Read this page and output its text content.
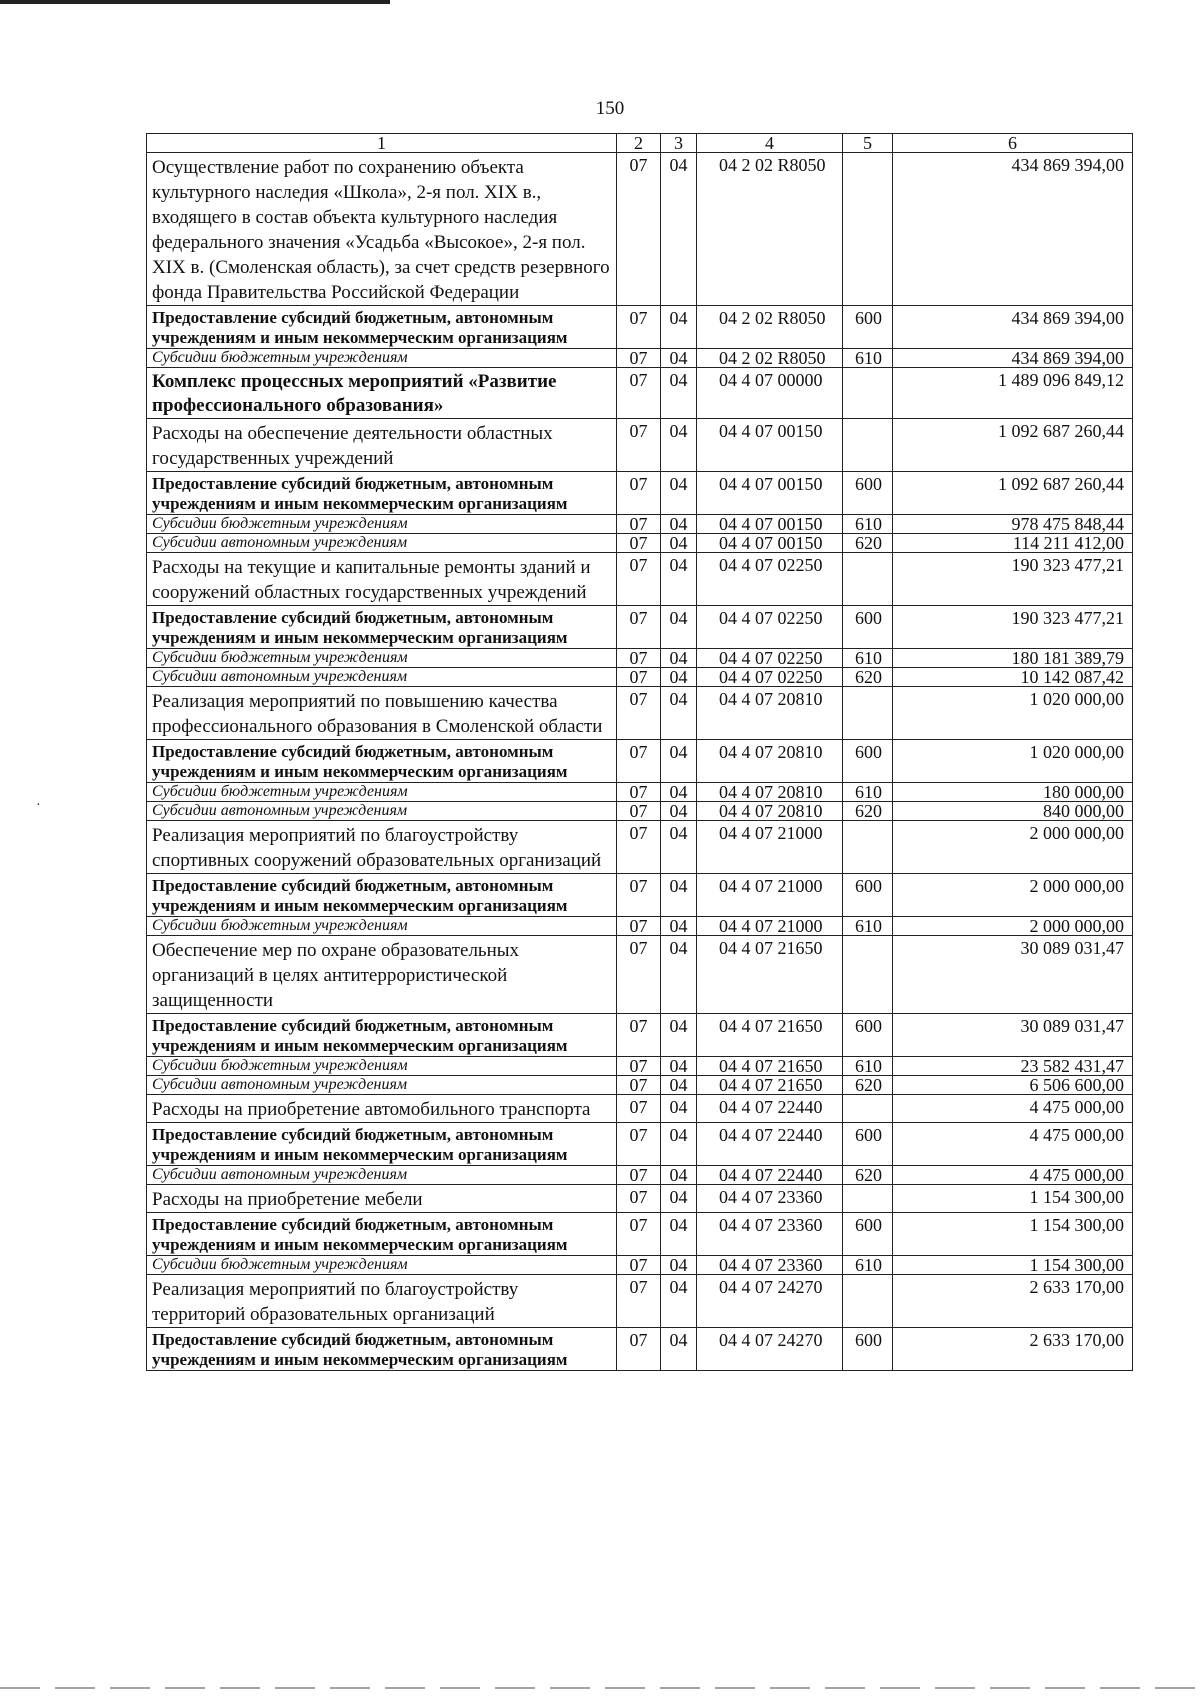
150
1	2	3	4	5	6
Осуществление работ по сохранению объекта культурного наследия «Школа», 2-я пол. XIX в., входящего в состав объекта культурного наследия федерального значения «Усадьба «Высокое», 2-я пол. XIX в. (Смоленская область), за счет средств резервного фонда Правительства Российской Федерации	07	04	04 2 02 R8050		434 869 394,00
Предоставление субсидий бюджетным, автономным учреждениям и иным некоммерческим организациям	07	04	04 2 02 R8050	600	434 869 394,00
Субсидии бюджетным учреждениям	07	04	04 2 02 R8050	610	434 869 394,00
Комплекс процессных мероприятий «Развитие профессионального образования»	07	04	04 4 07 00000		1 489 096 849,12
Расходы на обеспечение деятельности областных государственных учреждений	07	04	04 4 07 00150		1 092 687 260,44
Предоставление субсидий бюджетным, автономным учреждениям и иным некоммерческим организациям	07	04	04 4 07 00150	600	1 092 687 260,44
Субсидии бюджетным учреждениям	07	04	04 4 07 00150	610	978 475 848,44
Субсидии автономным учреждениям	07	04	04 4 07 00150	620	114 211 412,00
Расходы на текущие и капитальные ремонты зданий и сооружений областных государственных учреждений	07	04	04 4 07 02250		190 323 477,21
Предоставление субсидий бюджетным, автономным учреждениям и иным некоммерческим организациям	07	04	04 4 07 02250	600	190 323 477,21
Субсидии бюджетным учреждениям	07	04	04 4 07 02250	610	180 181 389,79
Субсидии автономным учреждениям	07	04	04 4 07 02250	620	10 142 087,42
Реализация мероприятий по повышению качества профессионального образования в Смоленской области	07	04	04 4 07 20810		1 020 000,00
Предоставление субсидий бюджетным, автономным учреждениям и иным некоммерческим организациям	07	04	04 4 07 20810	600	1 020 000,00
Субсидии бюджетным учреждениям	07	04	04 4 07 20810	610	180 000,00
Субсидии автономным учреждениям	07	04	04 4 07 20810	620	840 000,00
Реализация мероприятий по благоустройству спортивных сооружений образовательных организаций	07	04	04 4 07 21000		2 000 000,00
Предоставление субсидий бюджетным, автономным учреждениям и иным некоммерческим организациям	07	04	04 4 07 21000	600	2 000 000,00
Субсидии бюджетным учреждениям	07	04	04 4 07 21000	610	2 000 000,00
Обеспечение мер по охране образовательных организаций в целях антитеррористической защищенности	07	04	04 4 07 21650		30 089 031,47
Предоставление субсидий бюджетным, автономным учреждениям и иным некоммерческим организациям	07	04	04 4 07 21650	600	30 089 031,47
Субсидии бюджетным учреждениям	07	04	04 4 07 21650	610	23 582 431,47
Субсидии автономным учреждениям	07	04	04 4 07 21650	620	6 506 600,00
Расходы на приобретение автомобильного транспорта	07	04	04 4 07 22440		4 475 000,00
Предоставление субсидий бюджетным, автономным учреждениям и иным некоммерческим организациям	07	04	04 4 07 22440	600	4 475 000,00
Субсидии автономным учреждениям	07	04	04 4 07 22440	620	4 475 000,00
Расходы на приобретение мебели	07	04	04 4 07 23360		1 154 300,00
Предоставление субсидий бюджетным, автономным учреждениям и иным некоммерческим организациям	07	04	04 4 07 23360	600	1 154 300,00
Субсидии бюджетным учреждениям	07	04	04 4 07 23360	610	1 154 300,00
Реализация мероприятий по благоустройству территорий образовательных организаций	07	04	04 4 07 24270		2 633 170,00
Предоставление субсидий бюджетным, автономным учреждениям и иным некоммерческим организациям	07	04	04 4 07 24270	600	2 633 170,00
·
